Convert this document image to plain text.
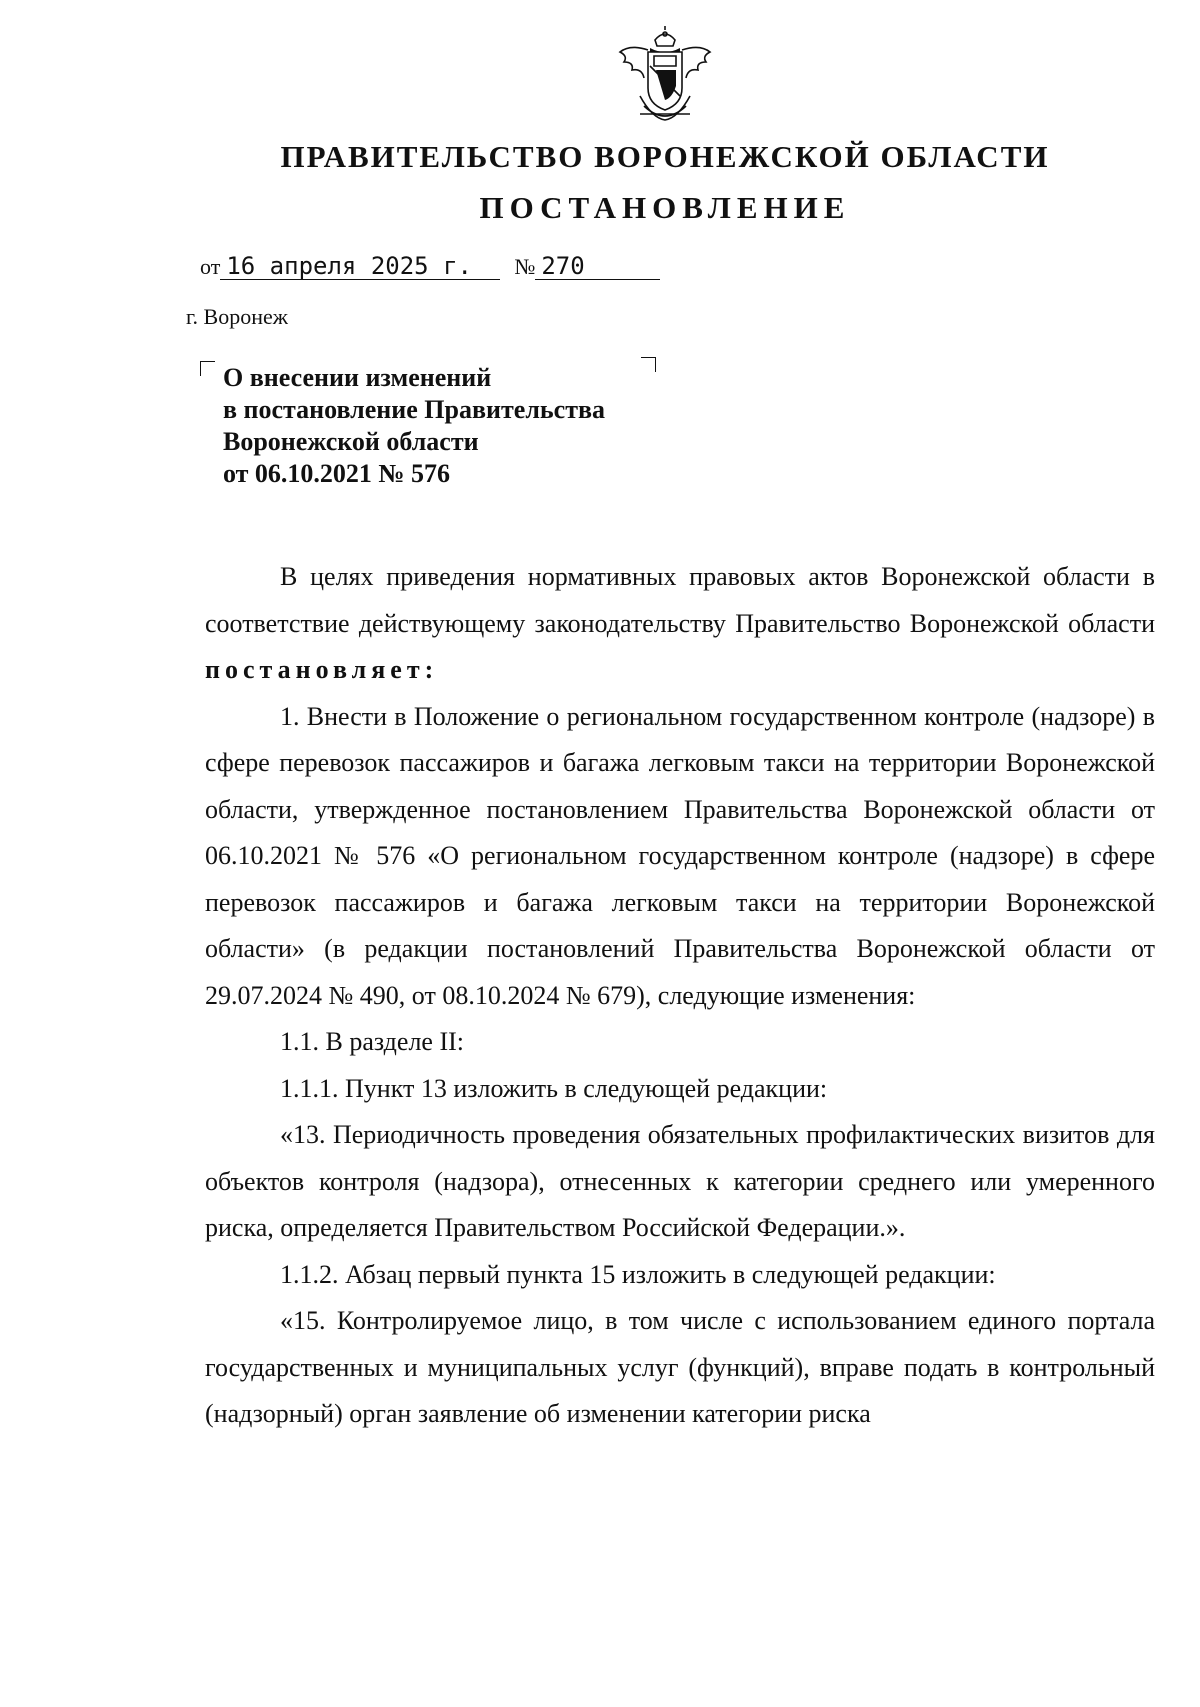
ПРАВИТЕЛЬСТВО ВОРОНЕЖСКОЙ ОБЛАСТИ
ПОСТАНОВЛЕНИЕ
от 16 апреля 2025 г. № 270
г. Воронеж
О внесении изменений
в постановление Правительства
Воронежской области
от 06.10.2021 № 576

В целях приведения нормативных правовых актов Воронежской области в соответствие действующему законодательству Правительство Воронежской области постановляет:

1. Внести в Положение о региональном государственном контроле (надзоре) в сфере перевозок пассажиров и багажа легковым такси на территории Воронежской области, утвержденное постановлением Правительства Воронежской области от 06.10.2021 № 576 «О региональном государственном контроле (надзоре) в сфере перевозок пассажиров и багажа легковым такси на территории Воронежской области» (в редакции постановлений Правительства Воронежской области от 29.07.2024 № 490, от 08.10.2024 № 679), следующие изменения:

1.1. В разделе II:

1.1.1. Пункт 13 изложить в следующей редакции:

«13. Периодичность проведения обязательных профилактических визитов для объектов контроля (надзора), отнесенных к категории среднего или умеренного риска, определяется Правительством Российской Федерации.».

1.1.2. Абзац первый пункта 15 изложить в следующей редакции:

«15. Контролируемое лицо, в том числе с использованием единого портала государственных и муниципальных услуг (функций), вправе подать в контрольный (надзорный) орган заявление об изменении категории риска
